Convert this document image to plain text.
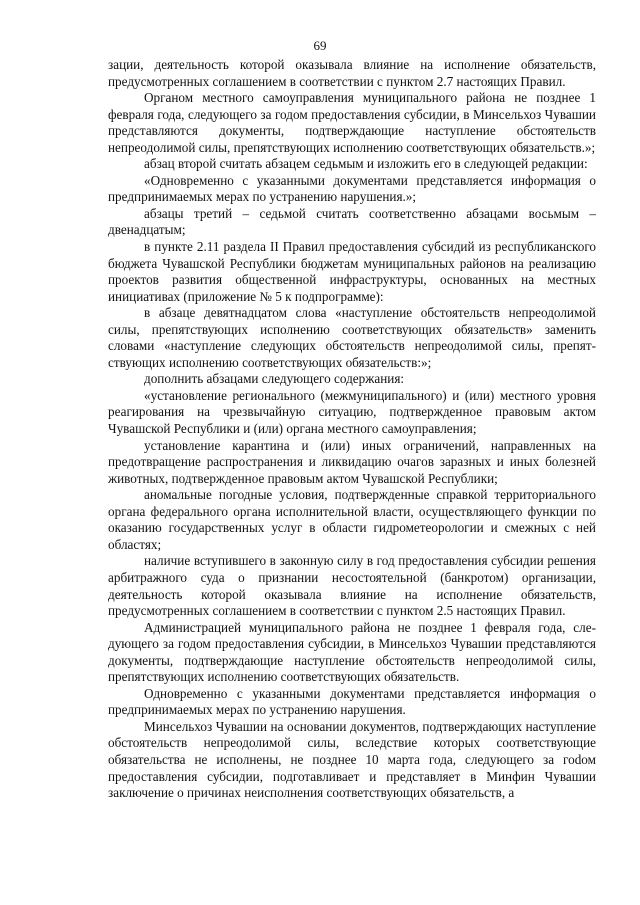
69

зации, деятельность которой оказывала влияние на исполнение обязательств, предусмотренных соглашением в соответствии с пунктом 2.7 настоящих Правил.

Органом местного самоуправления муниципального района не позднее 1 февраля года, следующего за годом предоставления субсидии, в Минсельхоз Чувашии представляются документы, подтверждающие наступление обстоятельств непреодолимой силы, препятствующих исполнению соответствующих обязательств.»;

абзац второй считать абзацем седьмым и изложить его в следующей редакции:

«Одновременно с указанными документами представляется информация о предпринимаемых мерах по устранению нарушения.»;

абзацы третий – седьмой считать соответственно абзацами восьмым – двенадцатым;

в пункте 2.11 раздела II Правил предоставления субсидий из республиканского бюджета Чувашской Республики бюджетам муниципальных районов на реализацию проектов развития общественной инфраструктуры, основанных на местных инициативах (приложение № 5 к подпрограмме):

в абзаце девятнадцатом слова «наступление обстоятельств непреодолимой силы, препятствующих исполнению соответствующих обязательств» заменить словами «наступление следующих обстоятельств непреодолимой силы, препятствующих исполнению соответствующих обязательств:»;

дополнить абзацами следующего содержания:

«установление регионального (межмуниципального) и (или) местного уровня реагирования на чрезвычайную ситуацию, подтвержденное правовым актом Чувашской Республики и (или) органа местного самоуправления;

установление карантина и (или) иных ограничений, направленных на предотвращение распространения и ликвидацию очагов заразных и иных болезней животных, подтвержденное правовым актом Чувашской Республики;

аномальные погодные условия, подтвержденные справкой территориального органа федерального органа исполнительной власти, осуществляющего функции по оказанию государственных услуг в области гидрометеорологии и смежных с ней областях;

наличие вступившего в законную силу в год предоставления субсидии решения арбитражного суда о признании несостоятельной (банкротом) организации, деятельность которой оказывала влияние на исполнение обязательств, предусмотренных соглашением в соответствии с пунктом 2.5 настоящих Правил.

Администрацией муниципального района не позднее 1 февраля года, следующего за годом предоставления субсидии, в Минсельхоз Чувашии представляются документы, подтверждающие наступление обстоятельств непреодолимой силы, препятствующих исполнению соответствующих обязательств.

Одновременно с указанными документами представляется информация о предпринимаемых мерах по устранению нарушения.

Минсельхоз Чувашии на основании документов, подтверждающих наступление обстоятельств непреодолимой силы, вследствие которых соответствующие обязательства не исполнены, не позднее 10 марта года, следующего за гоdом предоставления субсидии, подготавливает и представляет в Минфин Чувашии заключение о причинах неисполнения соответствующих обязательств, а
